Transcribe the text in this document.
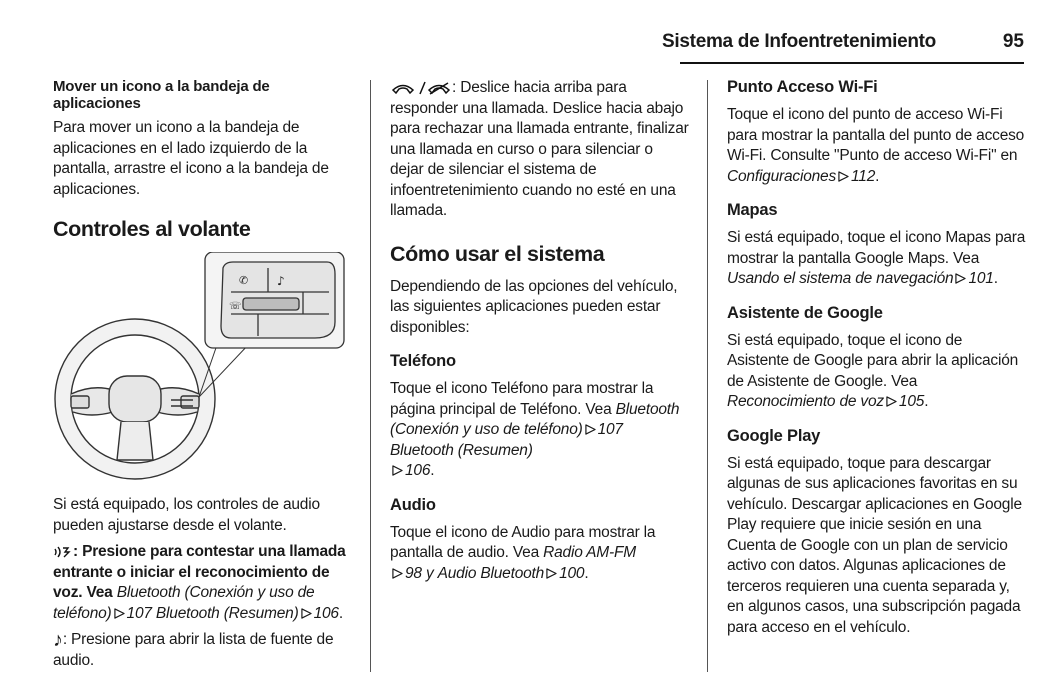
Sistema de Infoentretenimiento	95

Mover un icono a la bandeja de aplicaciones

Para mover un icono a la bandeja de aplicaciones en el lado izquierdo de la pantalla, arrastre el icono a la bandeja de aplicaciones.

Controles al volante

✆ ♪
☏

Si está equipado, los controles de audio pueden ajustarse desde el volante.

: Presione para contestar una llamada entrante o iniciar el reconocimiento de voz. Vea Bluetooth (Conexión y uso de teléfono) 107 Bluetooth (Resumen) 106.

♪: Presione para abrir la lista de fuente de audio.

: Deslice hacia arriba para responder una llamada. Deslice hacia abajo para rechazar una llamada entrante, finalizar una llamada en curso o para silenciar o dejar de silenciar el sistema de infoentretenimiento cuando no esté en una llamada.

Cómo usar el sistema

Dependiendo de las opciones del vehículo, las siguientes aplicaciones pueden estar disponibles:

Teléfono

Toque el icono Teléfono para mostrar la página principal de Teléfono. Vea Bluetooth (Conexión y uso de teléfono) 107 Bluetooth (Resumen)
106.

Audio

Toque el icono de Audio para mostrar la pantalla de audio. Vea Radio AM-FM
98 y Audio Bluetooth 100.

Punto Acceso Wi-Fi

Toque el icono del punto de acceso Wi-Fi para mostrar la pantalla del punto de acceso Wi-Fi. Consulte "Punto de acceso Wi-Fi" en Configuraciones 112.

Mapas

Si está equipado, toque el icono Mapas para mostrar la pantalla Google Maps. Vea Usando el sistema de navegación 101.

Asistente de Google

Si está equipado, toque el icono de Asistente de Google para abrir la aplicación de Asistente de Google. Vea Reconocimiento de voz 105.

Google Play

Si está equipado, toque para descargar algunas de sus aplicaciones favoritas en su vehículo. Descargar aplicaciones en Google Play requiere que inicie sesión en una Cuenta de Google con un plan de servicio activo con datos. Algunas aplicaciones de terceros requieren una cuenta separada y, en algunos casos, una subscripción pagada para acceso en el vehículo.
